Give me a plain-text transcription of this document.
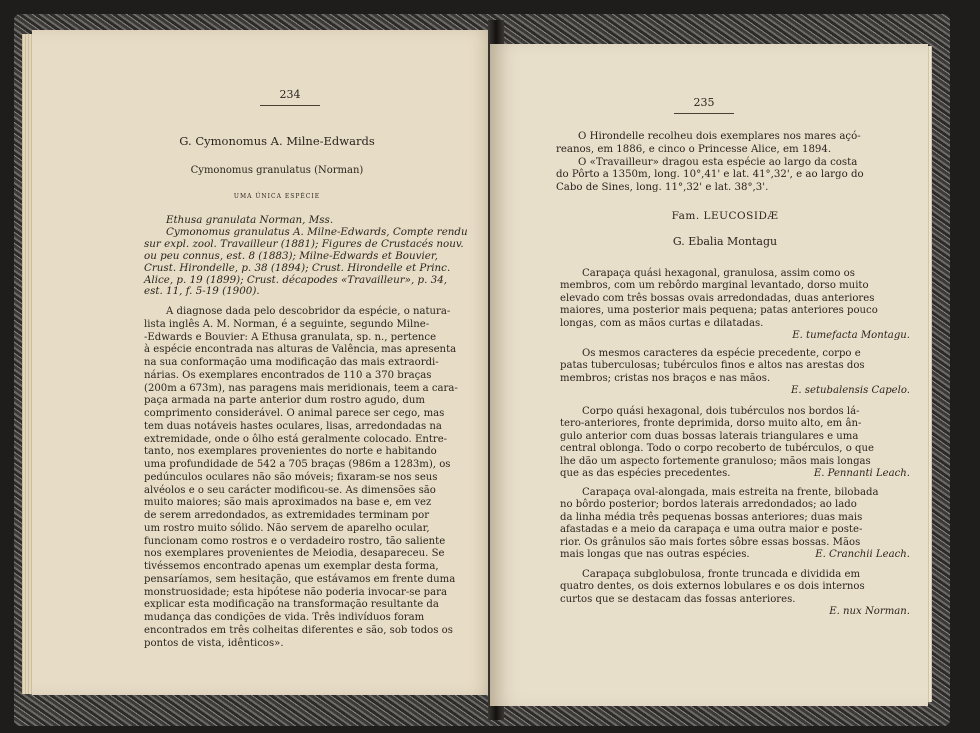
234
G. Cymonomus A. Milne-Edwards
Cymonomus granulatus (Norman)
UMA ÚNICA ESPÉCIE
Ethusa granulata Norman, Mss.
Cymonomus granulatus A. Milne-Edwards, Compte rendu
sur expl. zool. Travailleur (1881); Figures de Crustacés nouv.
ou peu connus, est. 8 (1883); Milne-Edwards et Bouvier,
Crust. Hirondelle, p. 38 (1894); Crust. Hirondelle et Princ.
Alice, p. 19 (1899); Crust. décapodes «Travailleur», p. 34,
est. 11, f. 5-19 (1900).
A diagnose dada pelo descobridor da espécie, o natura-
lista inglês A. M. Norman, é a seguinte, segundo Milne-
-Edwards e Bouvier: A Ethusa granulata, sp. n., pertence
à espécie encontrada nas alturas de Valência, mas apresenta
na sua conformação uma modificação das mais extraordi-
nárias. Os exemplares encontrados de 110 a 370 braças
(200m a 673m), nas paragens mais meridionais, teem a cara-
paça armada na parte anterior dum rostro agudo, dum
comprimento considerável. O animal parece ser cego, mas
tem duas notáveis hastes oculares, lisas, arredondadas na
extremidade, onde o ôlho está geralmente colocado. Entre-
tanto, nos exemplares provenientes do norte e habitando
uma profundidade de 542 a 705 braças (986m a 1283m), os
pedúnculos oculares não são móveis; fixaram-se nos seus
alvéolos e o seu carácter modificou-se. As dimensões são
muito maiores; são mais aproximados na base e, em vez
de serem arredondados, as extremidades terminam por
um rostro muito sólido. Não servem de aparelho ocular,
funcionam como rostros e o verdadeiro rostro, tão saliente
nos exemplares provenientes de Meiodia, desapareceu. Se
tivéssemos encontrado apenas um exemplar desta forma,
pensaríamos, sem hesitação, que estávamos em frente duma
monstruosidade; esta hipótese não poderia invocar-se para
explicar esta modificação na transformação resultante da
mudança das condições de vida. Três indivíduos foram
encontrados em três colheitas diferentes e são, sob todos os
pontos de vista, idênticos».
235
O Hirondelle recolheu dois exemplares nos mares açó-
reanos, em 1886, e cinco o Princesse Alice, em 1894.
O «Travailleur» dragou esta espécie ao largo da costa
do Pôrto a 1350m, long. 10°,41' e lat. 41°,32', e ao largo do
Cabo de Sines, long. 11°,32' e lat. 38°,3'.
Fam. LEUCOSIDÆ
G. Ebalia Montagu
Carapaça quási hexagonal, granulosa, assim como os
membros, com um rebôrdo marginal levantado, dorso muito
elevado com três bossas ovais arredondadas, duas anteriores
maiores, uma posterior mais pequena; patas anteriores pouco
longas, com as mãos curtas e dilatadas.
E. tumefacta Montagu.
Os mesmos caracteres da espécie precedente, corpo e
patas tuberculosas; tubérculos finos e altos nas arestas dos
membros; cristas nos braços e nas mãos.
E. setubalensis Capelo.
Corpo quási hexagonal, dois tubérculos nos bordos lá-
tero-anteriores, fronte deprimida, dorso muito alto, em ân-
gulo anterior com duas bossas laterais triangulares e uma
central oblonga. Todo o corpo recoberto de tubérculos, o que
lhe dão um aspecto fortemente granuloso; mãos mais longas
que as das espécies precedentes.	E. Pennanti Leach.
Carapaça oval-alongada, mais estreita na frente, bilobada
no bôrdo posterior; bordos laterais arredondados; ao lado
da linha média três pequenas bossas anteriores; duas mais
afastadas e a meio da carapaça e uma outra maior e poste-
rior. Os grânulos são mais fortes sôbre essas bossas. Mãos
mais longas que nas outras espécies.	E. Cranchii Leach.
Carapaça subglobulosa, fronte truncada e dividida em
quatro dentes, os dois externos lobulares e os dois internos
curtos que se destacam das fossas anteriores.
E. nux Norman.
